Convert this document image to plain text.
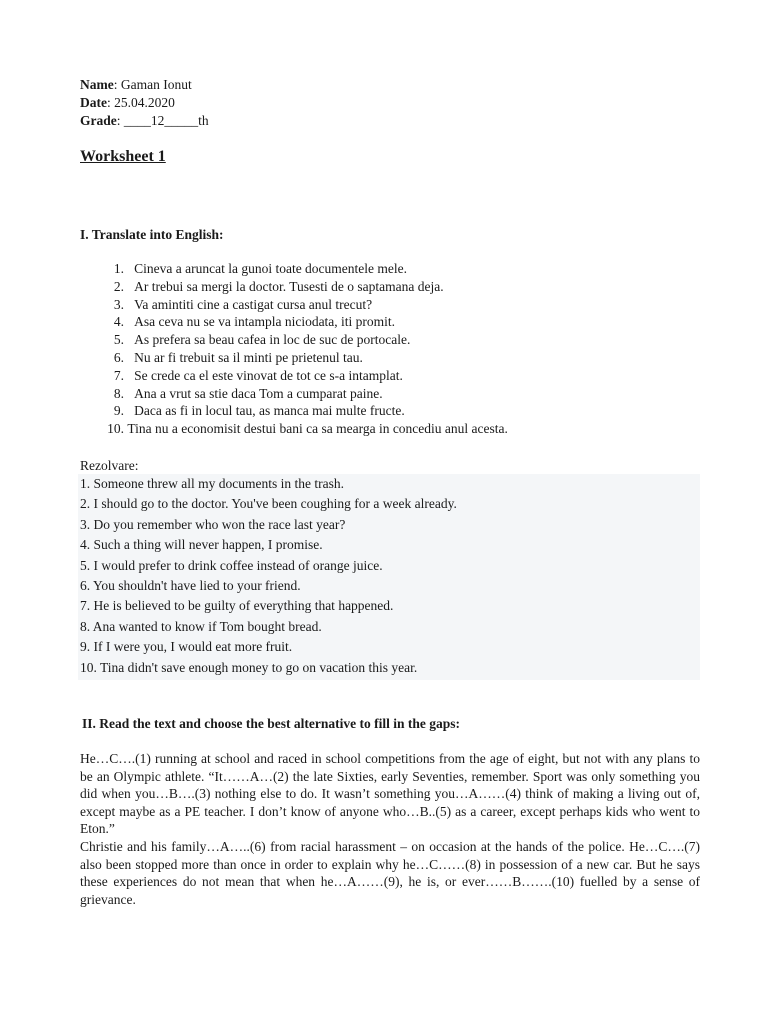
Name: Gaman Ionut
Date: 25.04.2020
Grade: ____12_____th
Worksheet 1
I. Translate into English:
1. Cineva a aruncat la gunoi toate documentele mele.
2. Ar trebui sa mergi la doctor. Tusesti de o saptamana deja.
3. Va amintiti cine a castigat cursa anul trecut?
4. Asa ceva nu se va intampla niciodata, iti promit.
5. As prefera sa beau cafea in loc de suc de portocale.
6. Nu ar fi trebuit sa il minti pe prietenul tau.
7. Se crede ca el este vinovat de tot ce s-a intamplat.
8. Ana a vrut sa stie daca Tom a cumparat paine.
9. Daca as fi in locul tau, as manca mai multe fructe.
10. Tina nu a economisit destui bani ca sa mearga in concediu anul acesta.
Rezolvare:
1. Someone threw all my documents in the trash.
2. I should go to the doctor. You've been coughing for a week already.
3. Do you remember who won the race last year?
4. Such a thing will never happen, I promise.
5. I would prefer to drink coffee instead of orange juice.
6. You shouldn't have lied to your friend.
7. He is believed to be guilty of everything that happened.
8. Ana wanted to know if Tom bought bread.
9. If I were you, I would eat more fruit.
10. Tina didn't save enough money to go on vacation this year.
II. Read the text and choose the best alternative to fill in the gaps:

He…C….(1) running at school and raced in school competitions from the age of eight, but not with any plans to be an Olympic athlete. “It……A…(2) the late Sixties, early Seventies, remember. Sport was only something you did when you…B….(3) nothing else to do. It wasn’t something you…A……(4) think of making a living out of, except maybe as a PE teacher. I don’t know of anyone who…B..(5) as a career, except perhaps kids who went to Eton.”

Christie and his family…A…..(6) from racial harassment – on occasion at the hands of the police. He…C….(7) also been stopped more than once in order to explain why he…C……(8) in possession of a new car. But he says these experiences do not mean that when he…A……(9), he is, or ever……B…….(10) fuelled by a sense of grievance.
